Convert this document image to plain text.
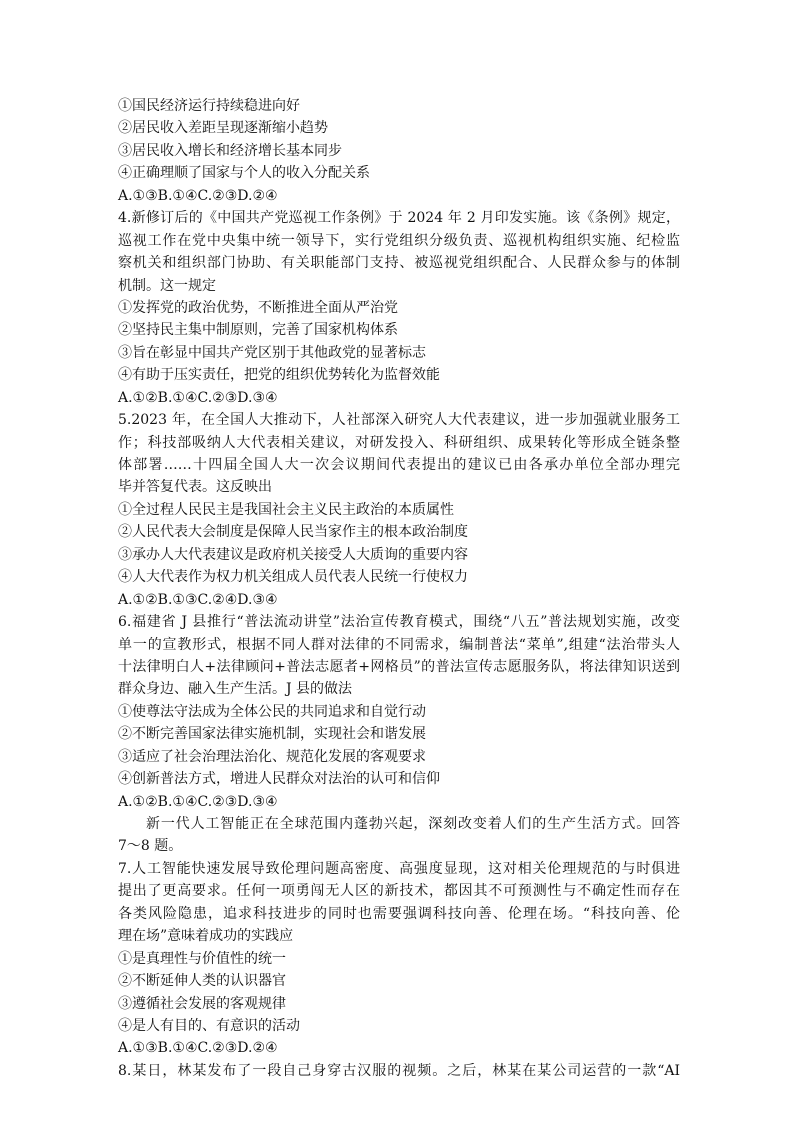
①国民经济运行持续稳进向好
②居民收入差距呈现逐渐缩小趋势
③居民收入增长和经济增长基本同步
④正确理顺了国家与个人的收入分配关系
A.①③B.①④C.②③D.②④
4.新修订后的《中国共产党巡视工作条例》于 2024 年 2 月印发实施。该《条例》规定，
巡视工作在党中央集中统一领导下，实行党组织分级负责、巡视机构组织实施、纪检监
察机关和组织部门协助、有关职能部门支持、被巡视党组织配合、人民群众参与的体制
机制。这一规定
①发挥党的政治优势，不断推进全面从严治党
②坚持民主集中制原则，完善了国家机构体系
③旨在彰显中国共产党区别于其他政党的显著标志
④有助于压实责任，把党的组织优势转化为监督效能
A.①②B.①④C.②③D.③④
5.2023 年，在全国人大推动下，人社部深入研究人大代表建议，进一步加强就业服务工
作；科技部吸纳人大代表相关建议，对研发投入、科研组织、成果转化等形成全链条整
体部署……十四届全国人大一次会议期间代表提出的建议已由各承办单位全部办理完
毕并答复代表。这反映出
①全过程人民民主是我国社会主义民主政治的本质属性
②人民代表大会制度是保障人民当家作主的根本政治制度
③承办人大代表建议是政府机关接受人大质询的重要内容
④人大代表作为权力机关组成人员代表人民统一行使权力
A.①②B.①③C.②④D.③④
6.福建省 J 县推行“普法流动讲堂”法治宣传教育模式，围绕“八五”普法规划实施，改变
单一的宣教形式，根据不同人群对法律的不同需求，编制普法“菜单”,组建“法治带头人
十法律明白人+法律顾问+普法志愿者+网格员”的普法宣传志愿服务队，将法律知识送到
群众身边、融入生产生活。J 县的做法
①使尊法守法成为全体公民的共同追求和自觉行动
②不断完善国家法律实施机制，实现社会和谐发展
③适应了社会治理法治化、规范化发展的客观要求
④创新普法方式，增进人民群众对法治的认可和信仰
A.①②B.①④C.②③D.③④
新一代人工智能正在全球范围内蓬勃兴起，深刻改变着人们的生产生活方式。回答
7～8 题。
7.人工智能快速发展导致伦理问题高密度、高强度显现，这对相关伦理规范的与时俱进
提出了更高要求。任何一项勇闯无人区的新技术，都因其不可预测性与不确定性而存在
各类风险隐患，追求科技进步的同时也需要强调科技向善、伦理在场。“科技向善、伦
理在场”意味着成功的实践应
①是真理性与价值性的统一
②不断延伸人类的认识器官
③遵循社会发展的客观规律
④是人有目的、有意识的活动
A.①③B.①④C.②③D.②④
8.某日，林某发布了一段自己身穿古汉服的视频。之后，林某在某公司运营的一款“AI
